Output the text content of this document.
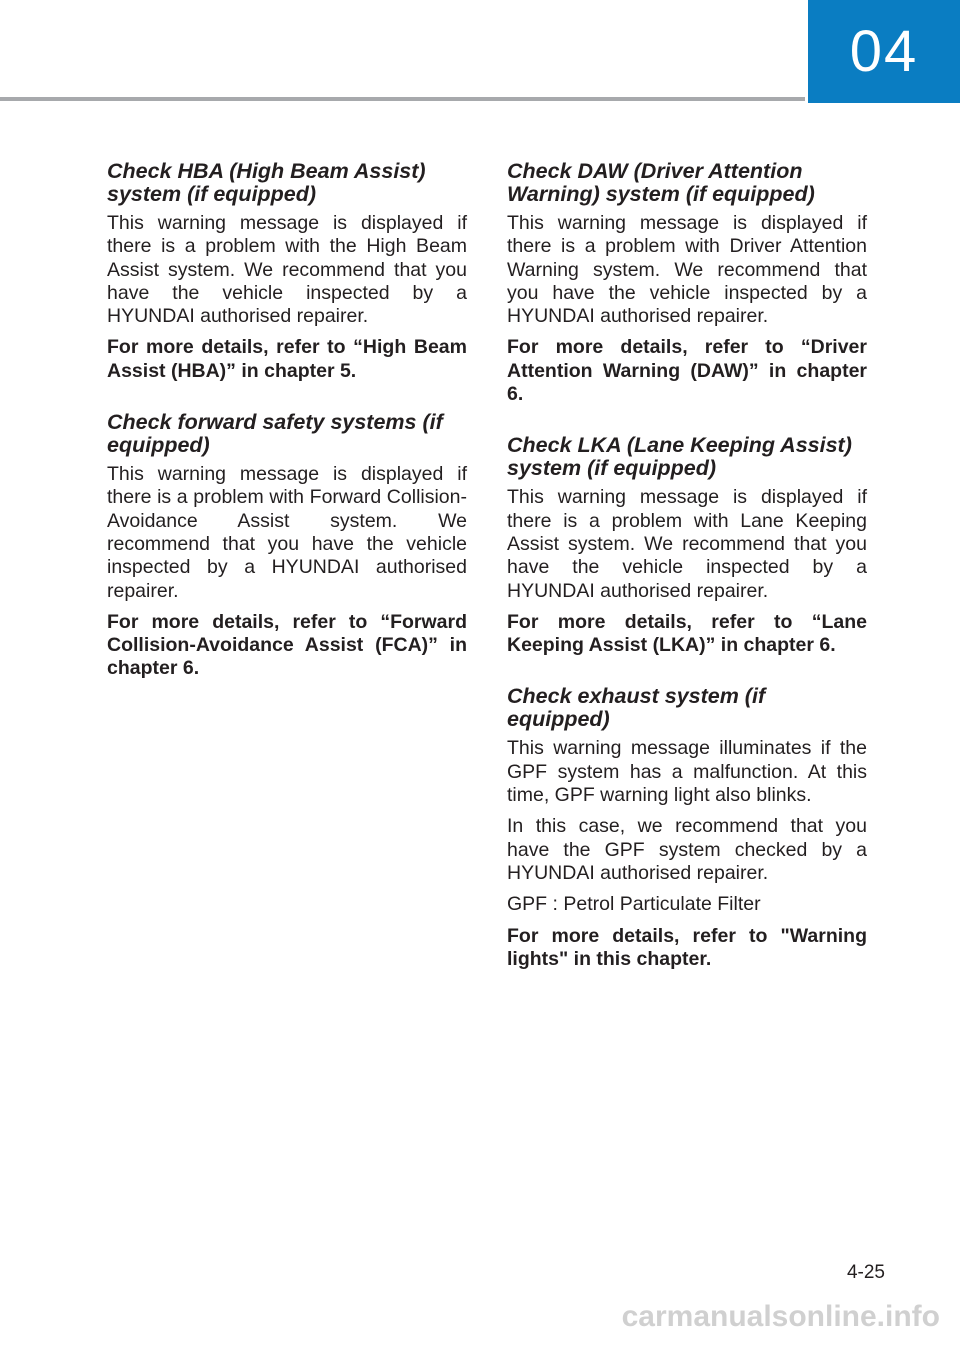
04
Check HBA (High Beam Assist) system (if equipped)

This warning message is displayed if there is a problem with the High Beam Assist system. We recommend that you have the vehicle inspected by a HYUNDAI authorised repairer.

For more details, refer to “High Beam Assist (HBA)” in chapter 5.

Check forward safety systems (if equipped)

This warning message is displayed if there is a problem with Forward Collision-Avoidance Assist system. We recommend that you have the vehicle inspected by a HYUNDAI authorised repairer.

For more details, refer to “Forward Collision-Avoidance Assist (FCA)” in chapter 6.

Check DAW (Driver Attention Warning) system (if equipped)

This warning message is displayed if there is a problem with Driver Attention Warning system. We recommend that you have the vehicle inspected by a HYUNDAI authorised repairer.

For more details, refer to “Driver Attention Warning (DAW)” in chapter 6.

Check LKA (Lane Keeping Assist) system (if equipped)

This warning message is displayed if there is a problem with Lane Keeping Assist system. We recommend that you have the vehicle inspected by a HYUNDAI authorised repairer.

For more details, refer to “Lane Keeping Assist (LKA)” in chapter 6.

Check exhaust system (if equipped)

This warning message illuminates if the GPF system has a malfunction. At this time, GPF warning light also blinks.

In this case, we recommend that you have the GPF system checked by a HYUNDAI authorised repairer.

GPF : Petrol Particulate Filter

For more details, refer to "Warning lights" in this chapter.

4-25
carmanualsonline.info
